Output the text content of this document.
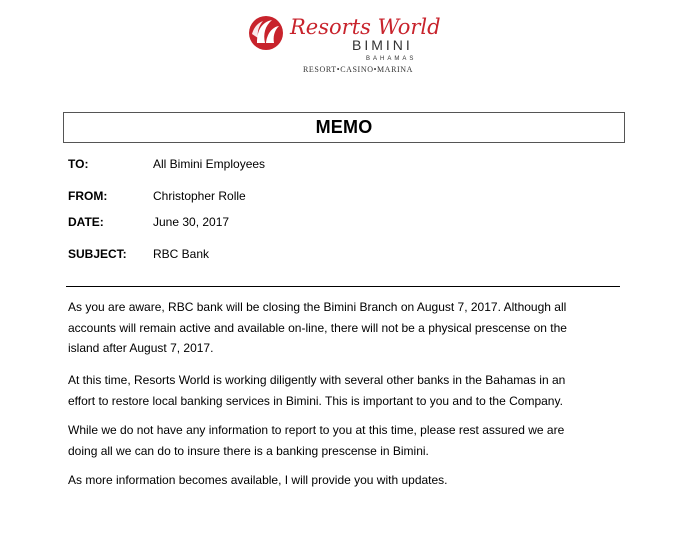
Resorts World
BIMINI
BAHAMAS
RESORT•CASINO•MARINA
MEMO
TO:	All Bimini Employees
FROM:	Christopher Rolle
DATE:	June 30, 2017
SUBJECT:	RBC Bank
As you are aware, RBC bank will be closing the Bimini Branch on August 7, 2017. Although all
accounts will remain active and available on-line, there will not be a physical prescense on the
island after August 7, 2017.
At this time, Resorts World is working diligently with several other banks in the Bahamas in an
effort to restore local banking services in Bimini. This is important to you and to the Company.
While we do not have any information to report to you at this time, please rest assured we are
doing all we can do to insure there is a banking prescense in Bimini.
As more information becomes available, I will provide you with updates.
